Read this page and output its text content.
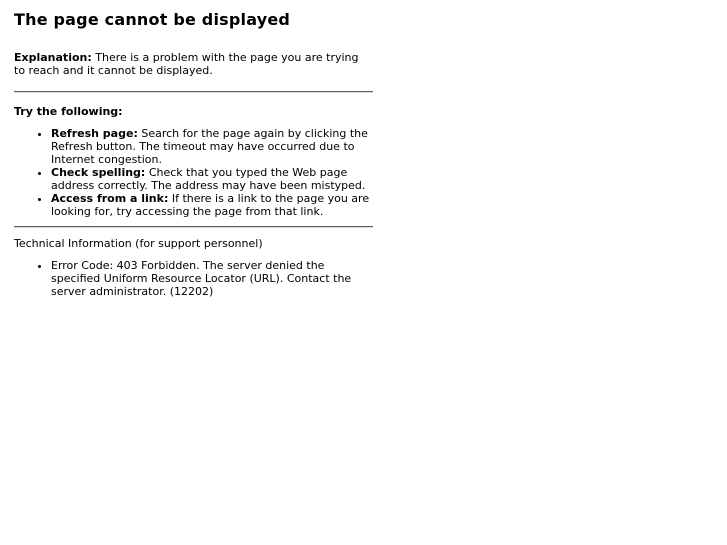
The page cannot be displayed

Explanation: There is a problem with the page you are trying to reach and it cannot be displayed.

Try the following:
• Refresh page: Search for the page again by clicking the Refresh button. The timeout may have occurred due to Internet congestion.
• Check spelling: Check that you typed the Web page address correctly. The address may have been mistyped.
• Access from a link: If there is a link to the page you are looking for, try accessing the page from that link.

Technical Information (for support personnel)

• Error Code: 403 Forbidden. The server denied the specified Uniform Resource Locator (URL). Contact the server administrator. (12202)
